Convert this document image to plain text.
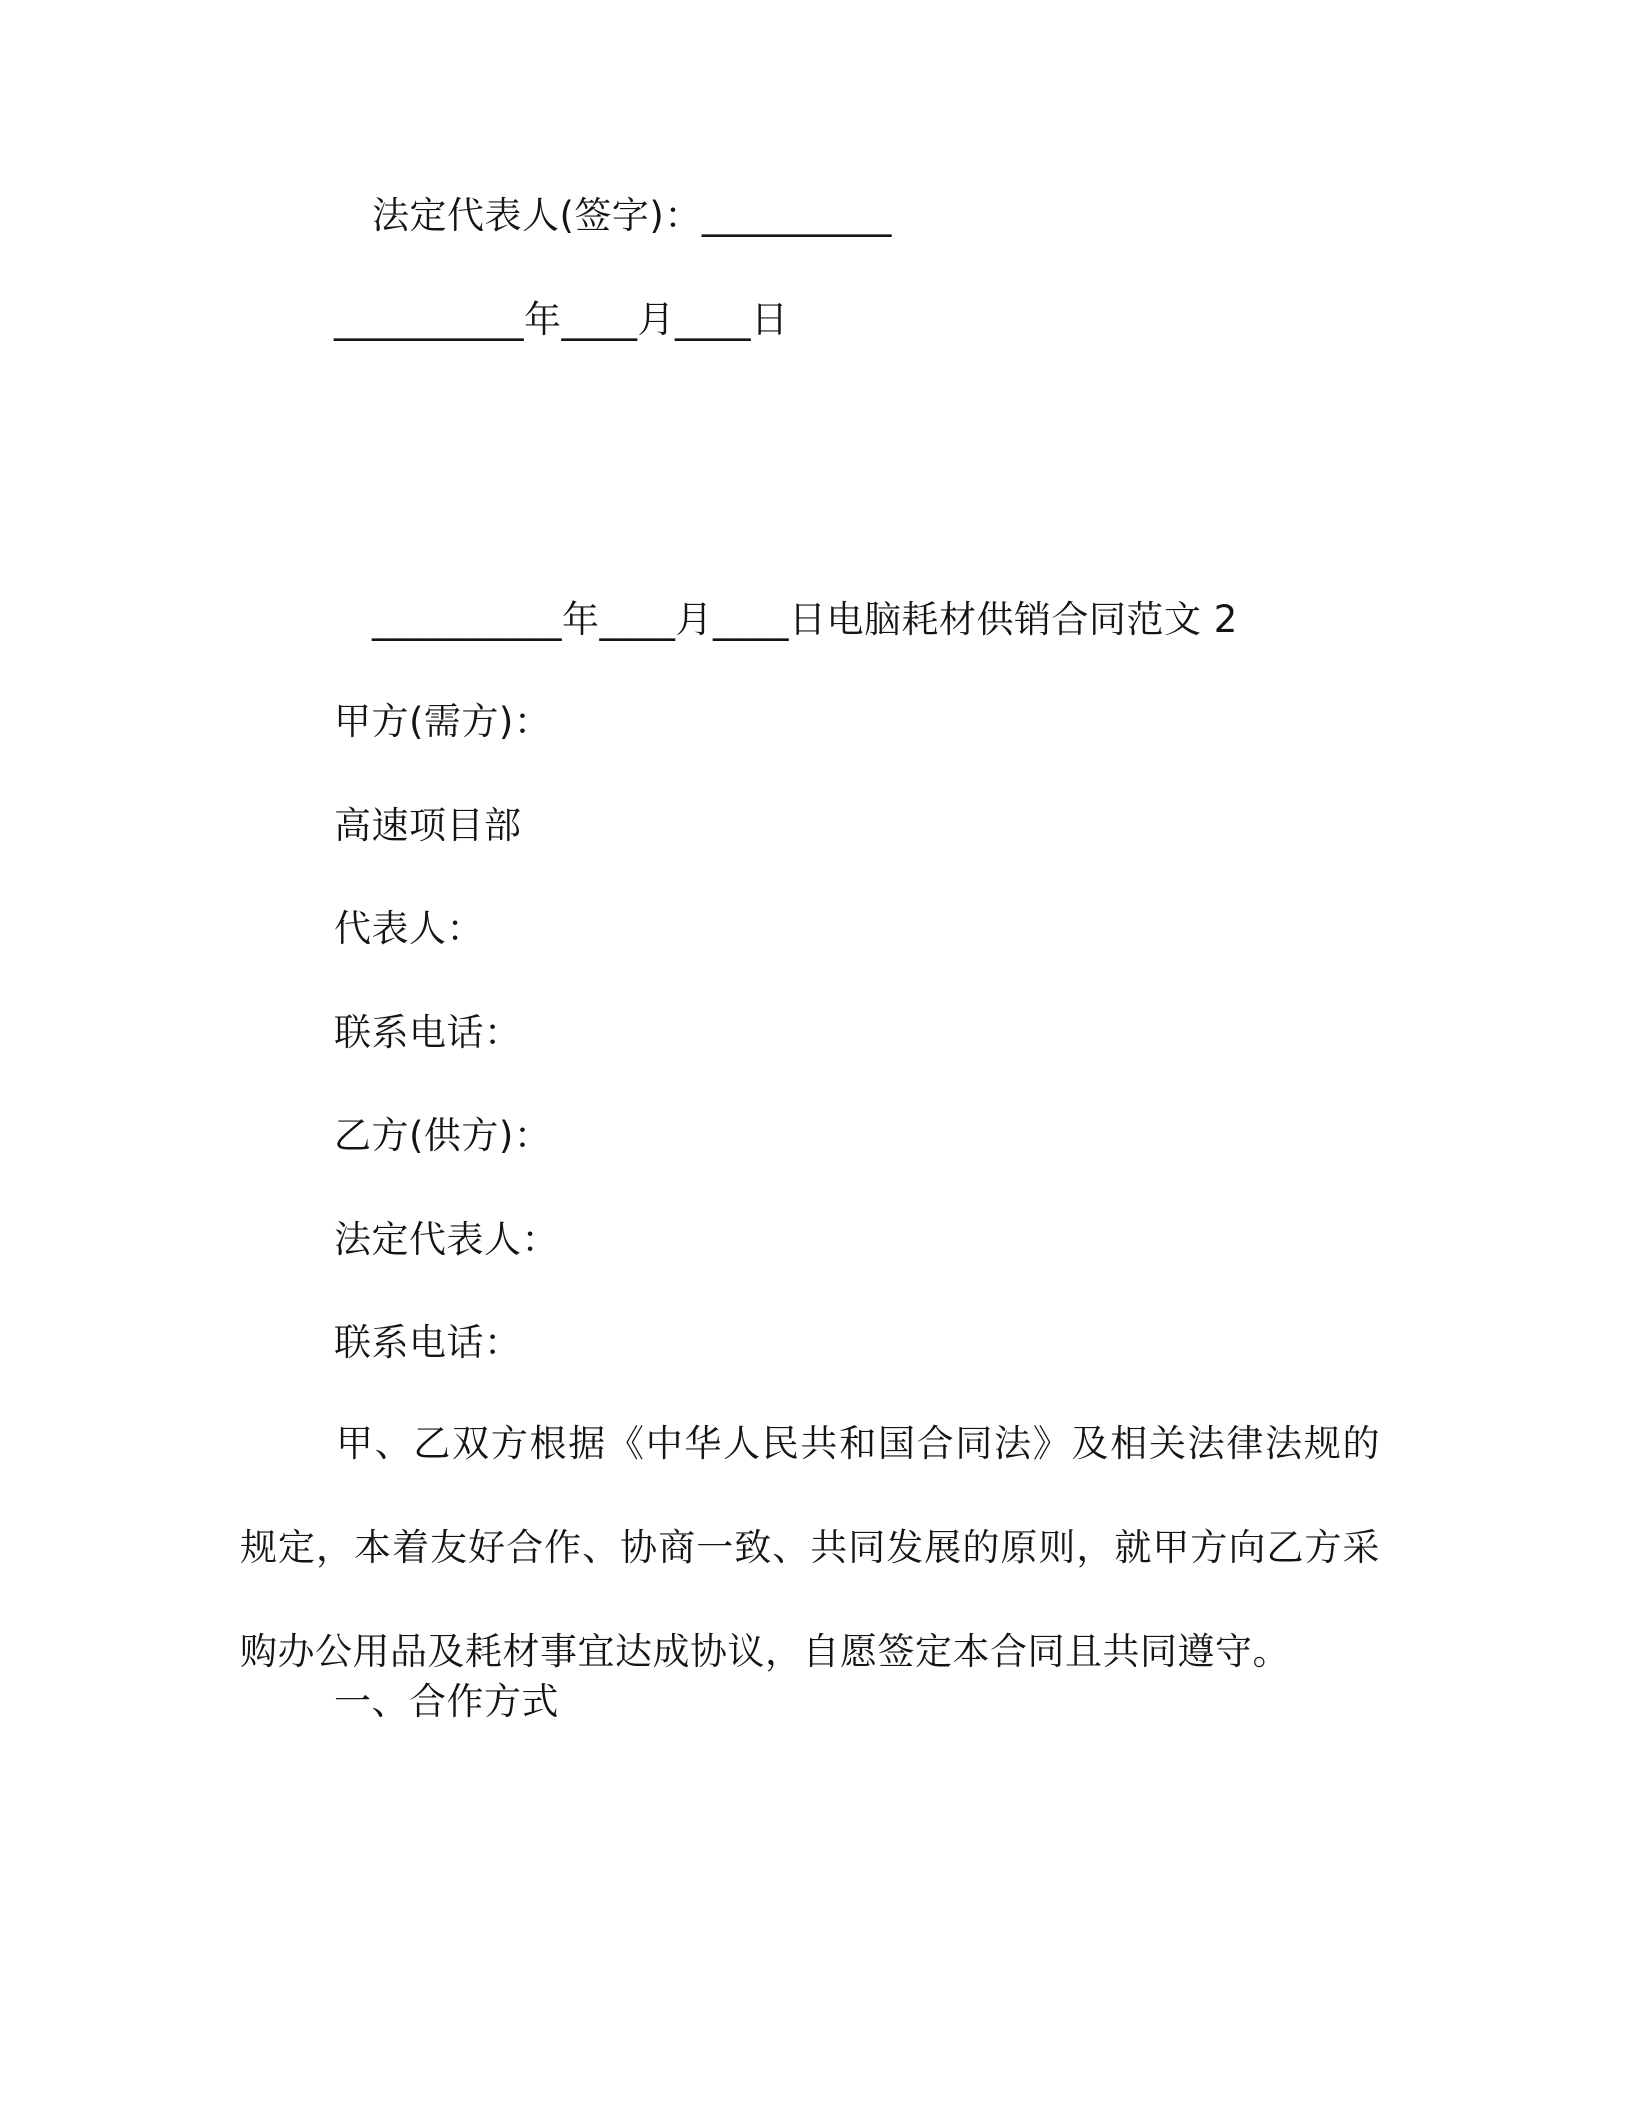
法定代表人(签字)：__________
__________年____月____日
__________年____月____日电脑耗材供销合同范文 2
甲方(需方)：
高速项目部
代表人：
联系电话：
乙方(供方)：
法定代表人：
联系电话：
甲、乙双方根据《中华人民共和国合同法》及相关法律法规的规定，本着友好合作、协商一致、共同发展的原则，就甲方向乙方采购办公用品及耗材事宜达成协议，自愿签定本合同且共同遵守。
一、合作方式
